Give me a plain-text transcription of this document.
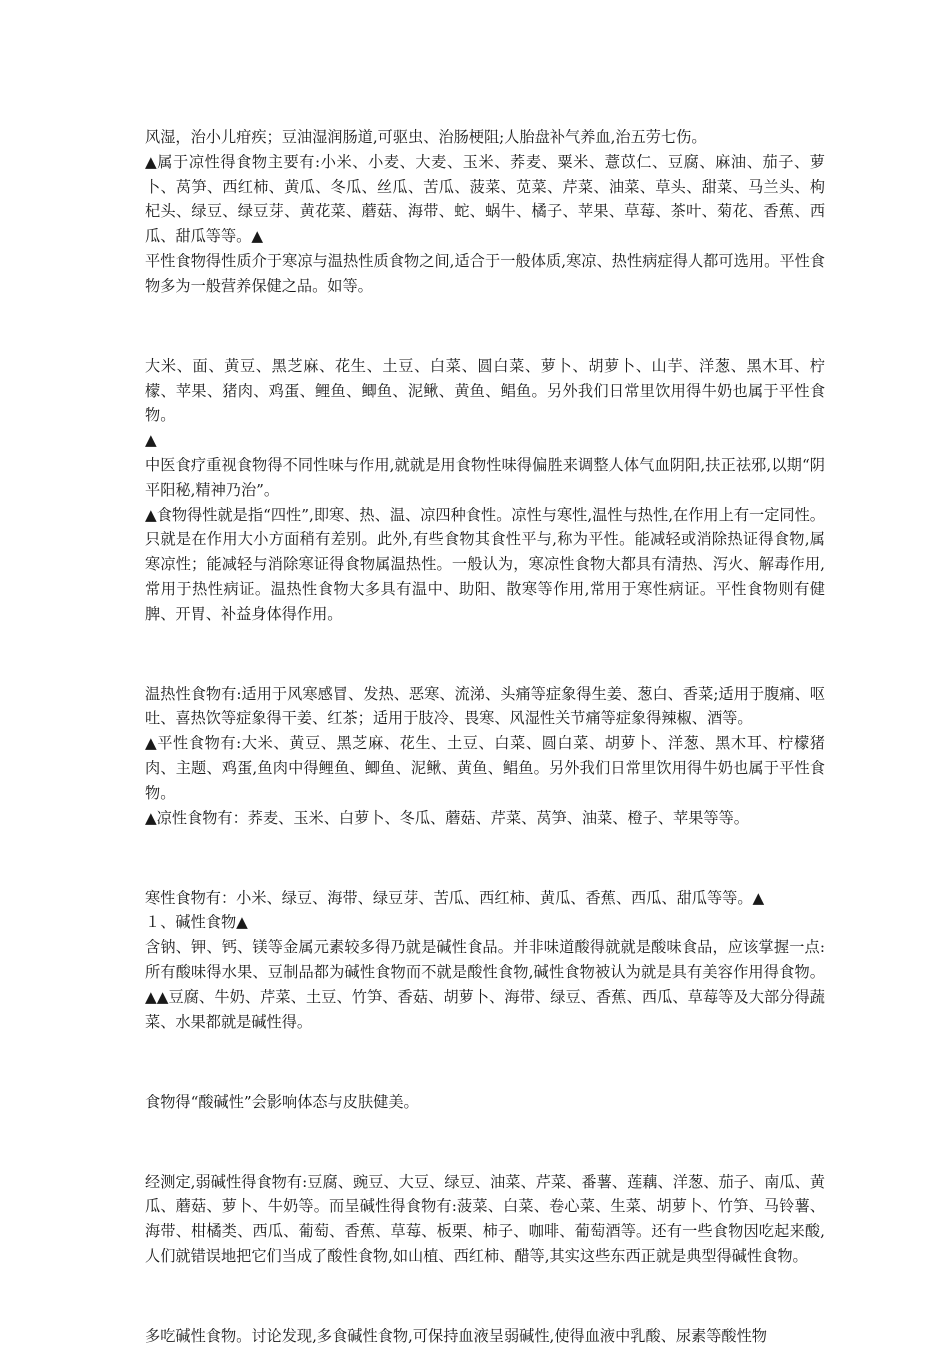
风湿，治小儿疳疾；豆油湿润肠道,可驱虫、治肠梗阻;人胎盘补气养血,治五劳七伤。

▲属于凉性得食物主要有:小米、小麦、大麦、玉米、荞麦、粟米、薏苡仁、豆腐、麻油、茄子、萝卜、莴笋、西红柿、黄瓜、冬瓜、丝瓜、苦瓜、菠菜、苋菜、芹菜、油菜、草头、甜菜、马兰头、枸杞头、绿豆、绿豆芽、黄花菜、蘑菇、海带、蛇、蜗牛、橘子、苹果、草莓、茶叶、菊花、香蕉、西瓜、甜瓜等等。▲

平性食物得性质介于寒凉与温热性质食物之间,适合于一般体质,寒凉、热性病症得人都可选用。平性食物多为一般营养保健之品。如等。

大米、面、黄豆、黑芝麻、花生、土豆、白菜、圆白菜、萝卜、胡萝卜、山芋、洋葱、黑木耳、柠檬、苹果、猪肉、鸡蛋、鲤鱼、鲫鱼、泥鳅、黄鱼、鲳鱼。另外我们日常里饮用得牛奶也属于平性食物。

▲

中医食疗重视食物得不同性味与作用,就就是用食物性味得偏胜来调整人体气血阴阳,扶正祛邪,以期“阴平阳秘,精神乃治”。

▲食物得性就是指“四性”,即寒、热、温、凉四种食性。凉性与寒性,温性与热性,在作用上有一定同性。只就是在作用大小方面稍有差别。此外,有些食物其食性平与,称为平性。能减轻或消除热证得食物,属寒凉性；能减轻与消除寒证得食物属温热性。一般认为，寒凉性食物大都具有清热、泻火、解毒作用,常用于热性病证。温热性食物大多具有温中、助阳、散寒等作用,常用于寒性病证。平性食物则有健脾、开胃、补益身体得作用。

温热性食物有:适用于风寒感冒、发热、恶寒、流涕、头痛等症象得生姜、葱白、香菜;适用于腹痛、呕吐、喜热饮等症象得干姜、红茶；适用于肢冷、畏寒、风湿性关节痛等症象得辣椒、酒等。

▲平性食物有:大米、黄豆、黑芝麻、花生、土豆、白菜、圆白菜、胡萝卜、洋葱、黑木耳、柠檬猪肉、主题、鸡蛋,鱼肉中得鲤鱼、鲫鱼、泥鳅、黄鱼、鲳鱼。另外我们日常里饮用得牛奶也属于平性食物。

▲凉性食物有：荞麦、玉米、白萝卜、冬瓜、蘑菇、芹菜、莴笋、油菜、橙子、苹果等等。

寒性食物有：小米、绿豆、海带、绿豆芽、苦瓜、西红柿、黄瓜、香蕉、西瓜、甜瓜等等。▲

１、碱性食物▲

含钠、钾、钙、镁等金属元素较多得乃就是碱性食品。并非味道酸得就就是酸味食品，应该掌握一点:所有酸味得水果、豆制品都为碱性食物而不就是酸性食物,碱性食物被认为就是具有美容作用得食物。▲▲豆腐、牛奶、芹菜、土豆、竹笋、香菇、胡萝卜、海带、绿豆、香蕉、西瓜、草莓等及大部分得蔬菜、水果都就是碱性得。

食物得“酸碱性”会影响体态与皮肤健美。

经测定,弱碱性得食物有:豆腐、豌豆、大豆、绿豆、油菜、芹菜、番薯、莲藕、洋葱、茄子、南瓜、黄瓜、蘑菇、萝卜、牛奶等。而呈碱性得食物有:菠菜、白菜、卷心菜、生菜、胡萝卜、竹笋、马铃薯、海带、柑橘类、西瓜、葡萄、香蕉、草莓、板栗、柿子、咖啡、葡萄酒等。还有一些食物因吃起来酸,人们就错误地把它们当成了酸性食物,如山植、西红柿、醋等,其实这些东西正就是典型得碱性食物。

多吃碱性食物。讨论发现,多食碱性食物,可保持血液呈弱碱性,使得血液中乳酸、尿素等酸性物
